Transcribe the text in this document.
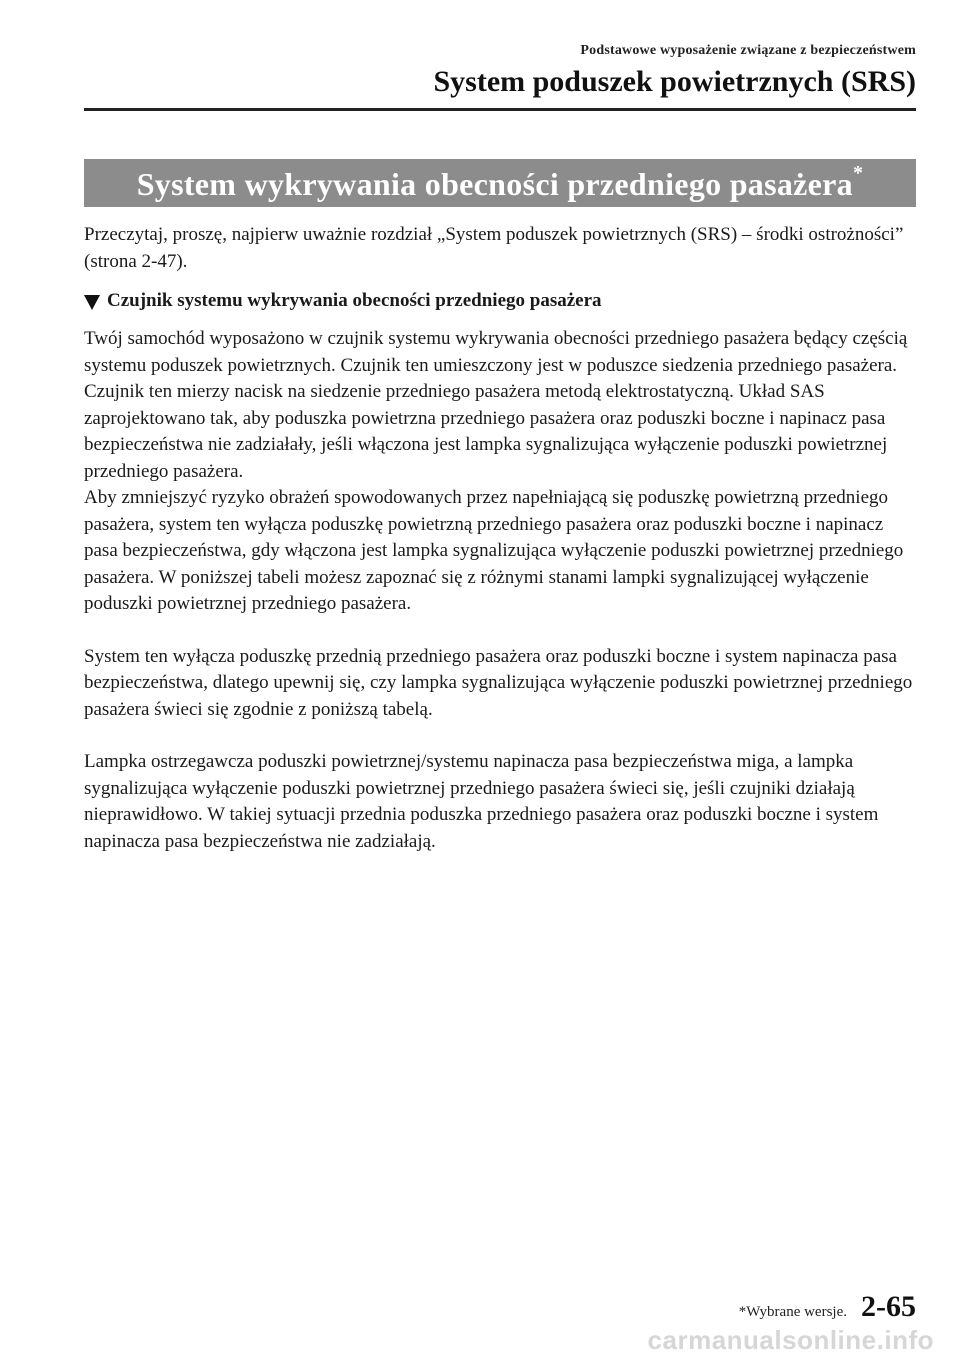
Podstawowe wyposażenie związane z bezpieczeństwem
System poduszek powietrznych (SRS)
System wykrywania obecności przedniego pasażera*

Przeczytaj, proszę, najpierw uważnie rozdział „System poduszek powietrznych (SRS) – środki ostrożności” (strona 2-47).

Czujnik systemu wykrywania obecności przedniego pasażera

Twój samochód wyposażono w czujnik systemu wykrywania obecności przedniego pasażera będący częścią systemu poduszek powietrznych. Czujnik ten umieszczony jest w poduszce siedzenia przedniego pasażera. Czujnik ten mierzy nacisk na siedzenie przedniego pasażera metodą elektrostatyczną. Układ SAS zaprojektowano tak, aby poduszka powietrzna przedniego pasażera oraz poduszki boczne i napinacz pasa bezpieczeństwa nie zadziałały, jeśli włączona jest lampka sygnalizująca wyłączenie poduszki powietrznej przedniego pasażera.

Aby zmniejszyć ryzyko obrażeń spowodowanych przez napełniającą się poduszkę powietrzną przedniego pasażera, system ten wyłącza poduszkę powietrzną przedniego pasażera oraz poduszki boczne i napinacz pasa bezpieczeństwa, gdy włączona jest lampka sygnalizująca wyłączenie poduszki powietrznej przedniego pasażera. W poniższej tabeli możesz zapoznać się z różnymi stanami lampki sygnalizującej wyłączenie poduszki powietrznej przedniego pasażera.

System ten wyłącza poduszkę przednią przedniego pasażera oraz poduszki boczne i system napinacza pasa bezpieczeństwa, dlatego upewnij się, czy lampka sygnalizująca wyłączenie poduszki powietrznej przedniego pasażera świeci się zgodnie z poniższą tabelą.

Lampka ostrzegawcza poduszki powietrznej/systemu napinacza pasa bezpieczeństwa miga, a lampka sygnalizująca wyłączenie poduszki powietrznej przedniego pasażera świeci się, jeśli czujniki działają nieprawidłowo. W takiej sytuacji przednia poduszka przedniego pasażera oraz poduszki boczne i system napinacza pasa bezpieczeństwa nie zadziałają.

*Wybrane wersje. 2-65
carmanualsonline.info
